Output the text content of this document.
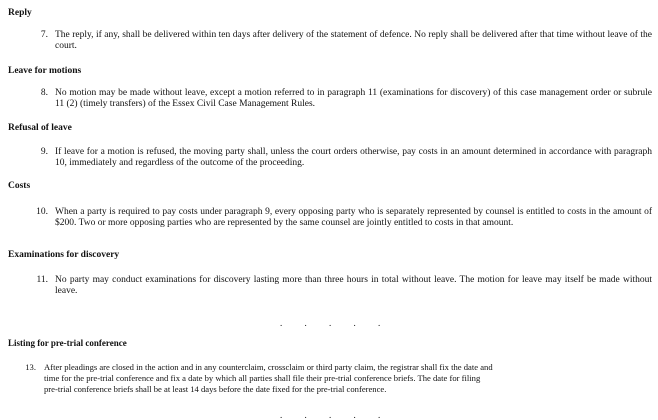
Reply
7. The reply, if any, shall be delivered within ten days after delivery of the statement of defence. No reply shall be delivered after that time without leave of the court.
Leave for motions
8. No motion may be made without leave, except a motion referred to in paragraph 11 (examinations for discovery) of this case management order or subrule 11 (2) (timely transfers) of the Essex Civil Case Management Rules.
Refusal of leave
9. If leave for a motion is refused, the moving party shall, unless the court orders otherwise, pay costs in an amount determined in accordance with paragraph 10, immediately and regardless of the outcome of the proceeding.
Costs
10. When a party is required to pay costs under paragraph 9, every opposing party who is separately represented by counsel is entitled to costs in the amount of $200. Two or more opposing parties who are represented by the same counsel are jointly entitled to costs in that amount.
Examinations for discovery
11. No party may conduct examinations for discovery lasting more than three hours in total without leave. The motion for leave may itself be made without leave.
. . . . .
Listing for pre-trial conference
13. After pleadings are closed in the action and in any counterclaim, crossclaim or third party claim, the registrar shall fix the date and
time for the pre-trial conference and fix a date by which all parties shall file their pre-trial conference briefs. The date for filing
pre-trial conference briefs shall be at least 14 days before the date fixed for the pre-trial conference.
. . . . .
